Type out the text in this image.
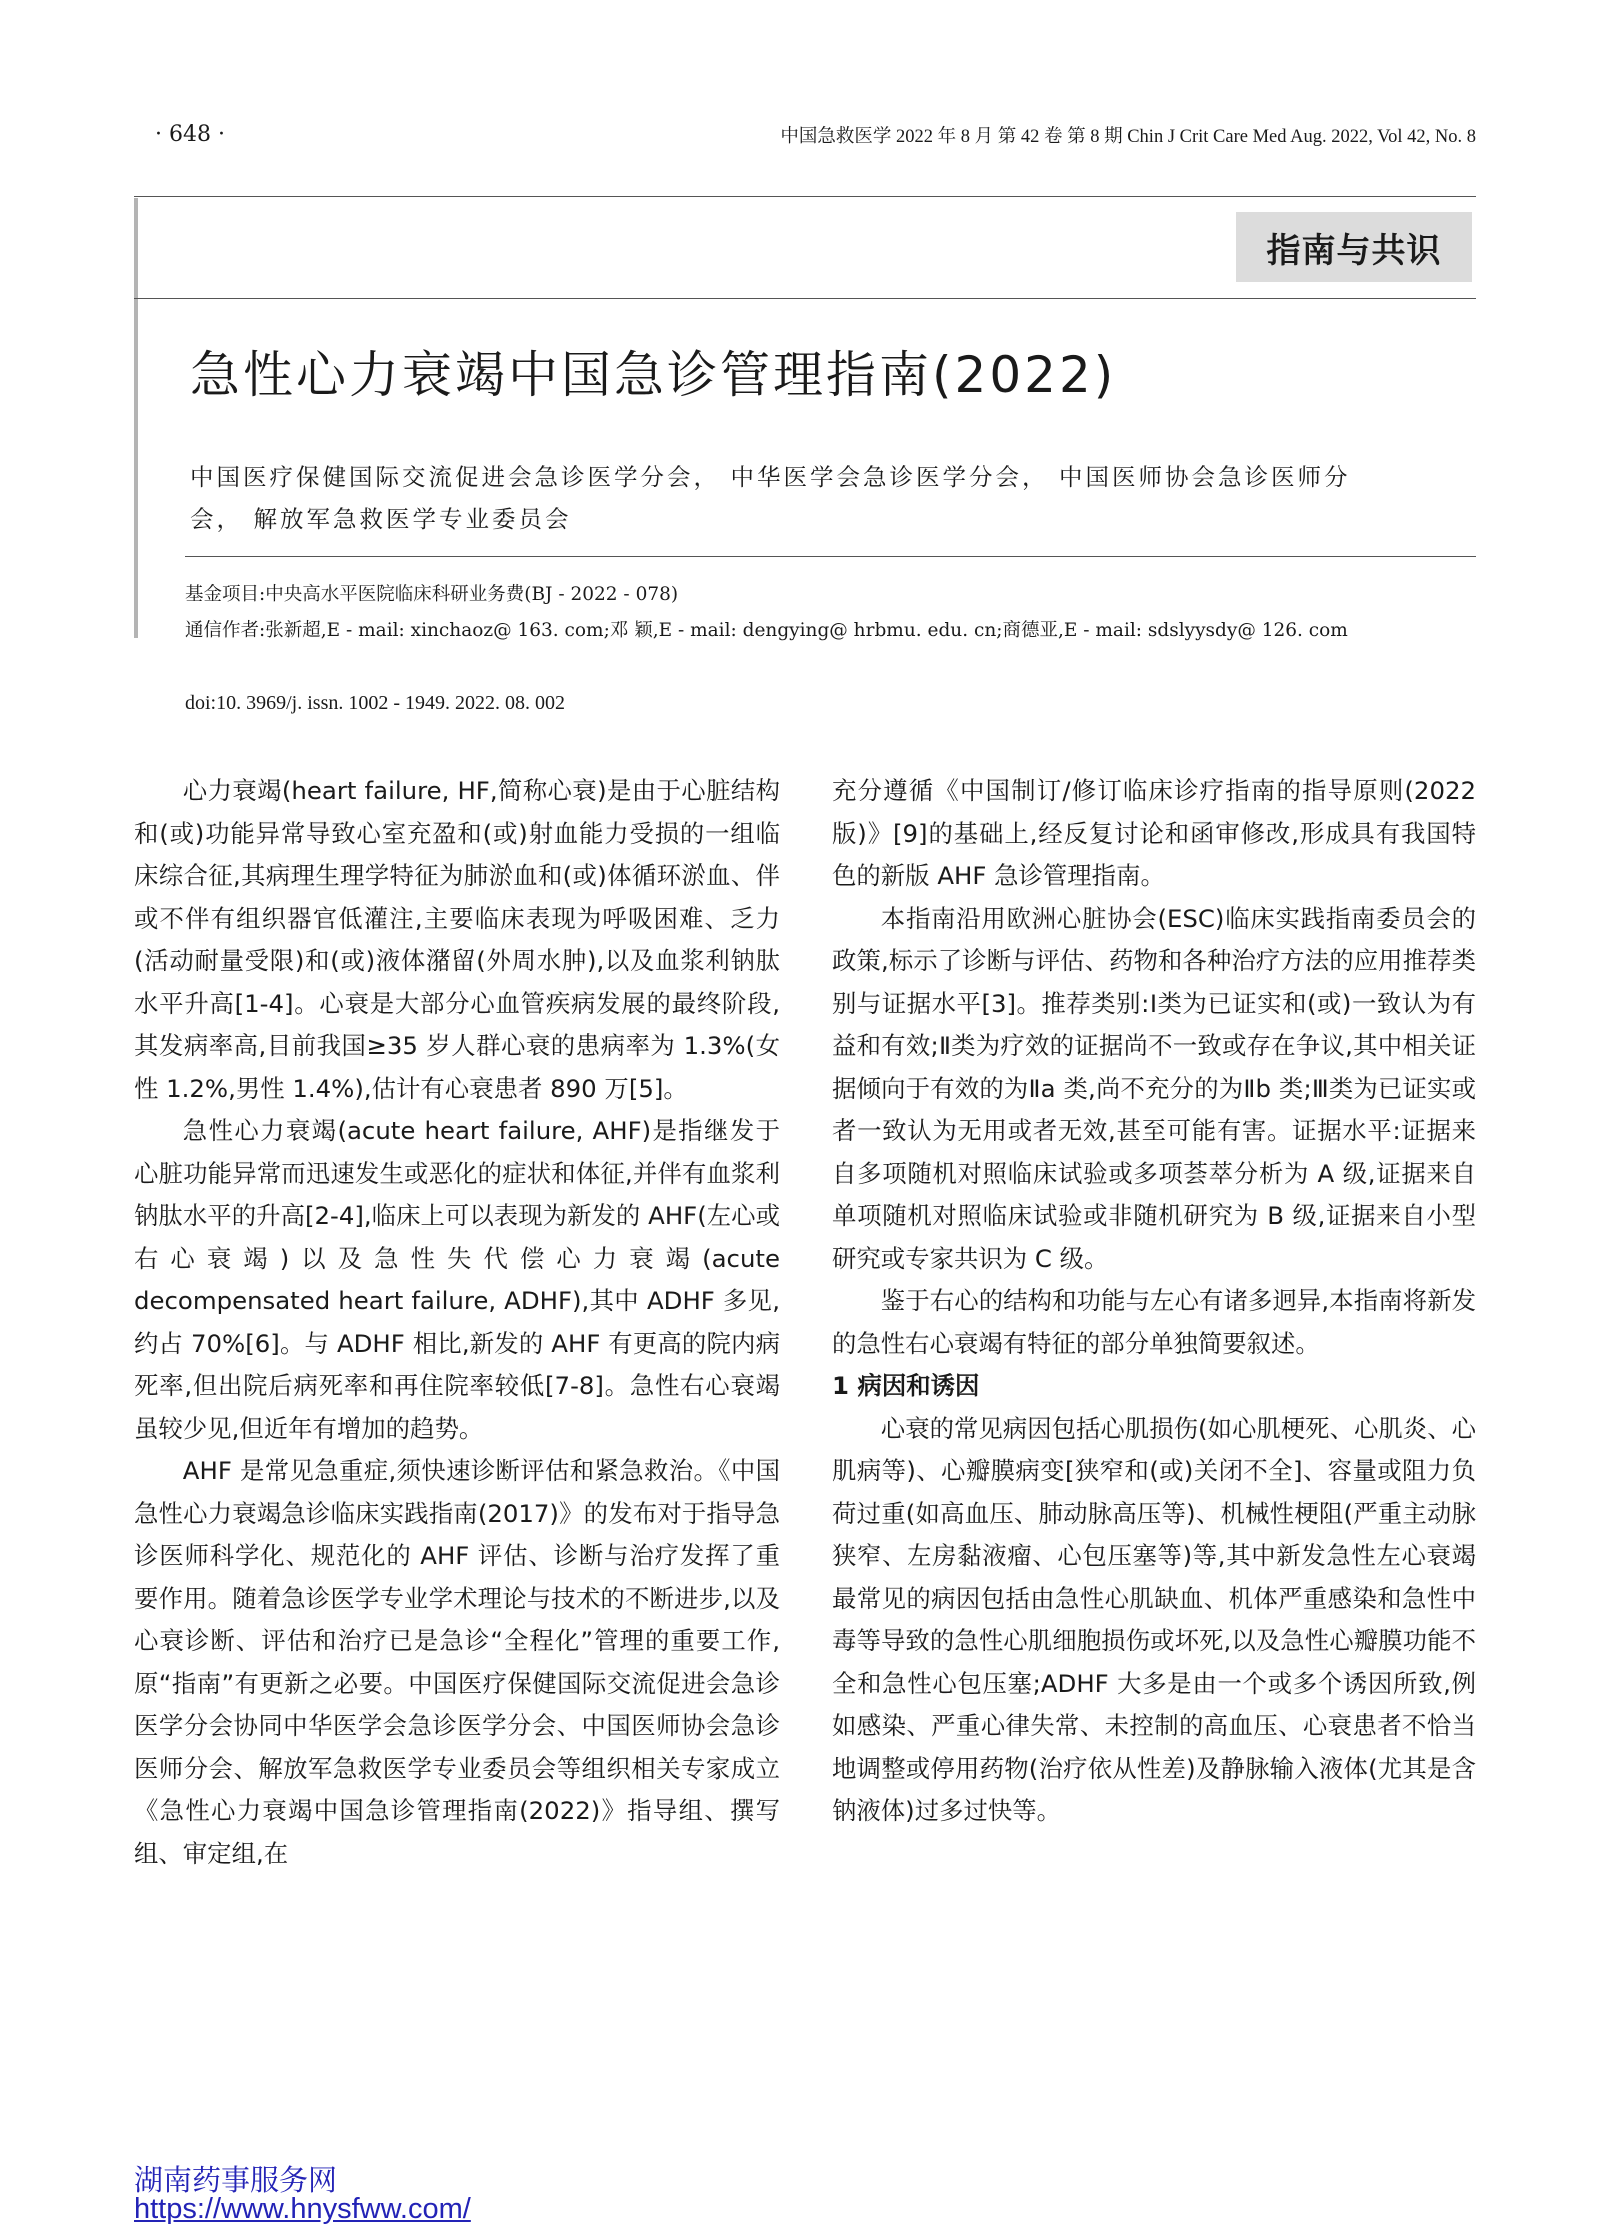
· 648 ·	中国急救医学 2022 年 8 月 第 42 卷 第 8 期 Chin J Crit Care Med Aug. 2022, Vol 42, No. 8
指南与共识
急性心力衰竭中国急诊管理指南(2022)
中国医疗保健国际交流促进会急诊医学分会， 中华医学会急诊医学分会， 中国医师协会急诊医师分
会， 解放军急救医学专业委员会
基金项目:中央高水平医院临床科研业务费(BJ - 2022 - 078)
通信作者:张新超,E - mail: xinchaoz@ 163. com;邓 颖,E - mail: dengying@ hrbmu. edu. cn;商德亚,E - mail: sdslyysdy@ 126. com
doi:10. 3969/j. issn. 1002 - 1949. 2022. 08. 002

心力衰竭(heart failure, HF,简称心衰)是由于心脏结构和(或)功能异常导致心室充盈和(或)射血能力受损的一组临床综合征,其病理生理学特征为肺淤血和(或)体循环淤血、伴或不伴有组织器官低灌注,主要临床表现为呼吸困难、乏力(活动耐量受限)和(或)液体潴留(外周水肿),以及血浆利钠肽水平升高[1-4]。心衰是大部分心血管疾病发展的最终阶段,其发病率高,目前我国≥35 岁人群心衰的患病率为 1.3%(女性 1.2%,男性 1.4%),估计有心衰患者 890 万[5]。

急性心力衰竭(acute heart failure, AHF)是指继发于心脏功能异常而迅速发生或恶化的症状和体征,并伴有血浆利钠肽水平的升高[2-4],临床上可以表现为新发的 AHF(左心或右心衰竭)以及急性失代偿心力衰竭(acute decompensated heart failure, ADHF),其中 ADHF 多见,约占 70%[6]。与 ADHF 相比,新发的 AHF 有更高的院内病死率,但出院后病死率和再住院率较低[7-8]。急性右心衰竭虽较少见,但近年有增加的趋势。

AHF 是常见急重症,须快速诊断评估和紧急救治。《中国急性心力衰竭急诊临床实践指南(2017)》的发布对于指导急诊医师科学化、规范化的 AHF 评估、诊断与治疗发挥了重要作用。随着急诊医学专业学术理论与技术的不断进步,以及心衰诊断、评估和治疗已是急诊“全程化”管理的重要工作,原“指南”有更新之必要。中国医疗保健国际交流促进会急诊医学分会协同中华医学会急诊医学分会、中国医师协会急诊医师分会、解放军急救医学专业委员会等组织相关专家成立《急性心力衰竭中国急诊管理指南(2022)》指导组、撰写组、审定组,在

充分遵循《中国制订/修订临床诊疗指南的指导原则(2022 版)》[9]的基础上,经反复讨论和函审修改,形成具有我国特色的新版 AHF 急诊管理指南。

本指南沿用欧洲心脏协会(ESC)临床实践指南委员会的政策,标示了诊断与评估、药物和各种治疗方法的应用推荐类别与证据水平[3]。推荐类别:Ⅰ类为已证实和(或)一致认为有益和有效;Ⅱ类为疗效的证据尚不一致或存在争议,其中相关证据倾向于有效的为Ⅱa 类,尚不充分的为Ⅱb 类;Ⅲ类为已证实或者一致认为无用或者无效,甚至可能有害。证据水平:证据来自多项随机对照临床试验或多项荟萃分析为 A 级,证据来自单项随机对照临床试验或非随机研究为 B 级,证据来自小型研究或专家共识为 C 级。

鉴于右心的结构和功能与左心有诸多迥异,本指南将新发的急性右心衰竭有特征的部分单独简要叙述。

1 病因和诱因

心衰的常见病因包括心肌损伤(如心肌梗死、心肌炎、心肌病等)、心瓣膜病变[狭窄和(或)关闭不全]、容量或阻力负荷过重(如高血压、肺动脉高压等)、机械性梗阻(严重主动脉狭窄、左房黏液瘤、心包压塞等)等,其中新发急性左心衰竭最常见的病因包括由急性心肌缺血、机体严重感染和急性中毒等导致的急性心肌细胞损伤或坏死,以及急性心瓣膜功能不全和急性心包压塞;ADHF 大多是由一个或多个诱因所致,例如感染、严重心律失常、未控制的高血压、心衰患者不恰当地调整或停用药物(治疗依从性差)及静脉输入液体(尤其是含钠液体)过多过快等。

湖南药事服务网
https://www.hnysfww.com/
